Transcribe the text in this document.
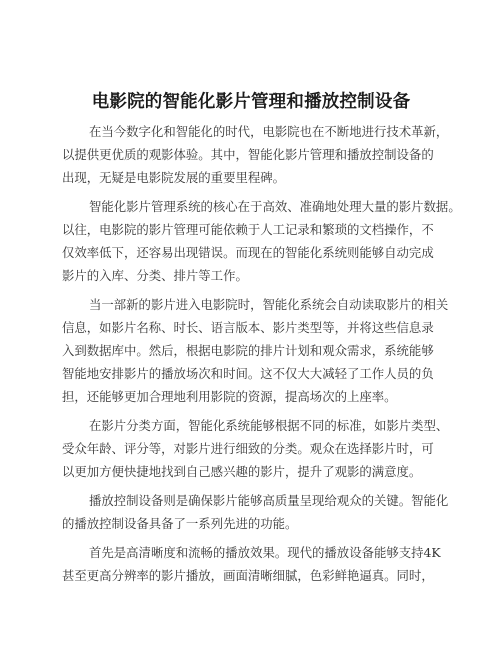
电影院的智能化影片管理和播放控制设备
在当今数字化和智能化的时代，电影院也在不断地进行技术革新，
以提供更优质的观影体验。其中，智能化影片管理和播放控制设备的
出现，无疑是电影院发展的重要里程碑。
智能化影片管理系统的核心在于高效、准确地处理大量的影片数据。
以往，电影院的影片管理可能依赖于人工记录和繁琐的文档操作，不
仅效率低下，还容易出现错误。而现在的智能化系统则能够自动完成
影片的入库、分类、排片等工作。
当一部新的影片进入电影院时，智能化系统会自动读取影片的相关
信息，如影片名称、时长、语言版本、影片类型等，并将这些信息录
入到数据库中。然后，根据电影院的排片计划和观众需求，系统能够
智能地安排影片的播放场次和时间。这不仅大大减轻了工作人员的负
担，还能够更加合理地利用影院的资源，提高场次的上座率。
在影片分类方面，智能化系统能够根据不同的标准，如影片类型、
受众年龄、评分等，对影片进行细致的分类。观众在选择影片时，可
以更加方便快捷地找到自己感兴趣的影片，提升了观影的满意度。
播放控制设备则是确保影片能够高质量呈现给观众的关键。智能化
的播放控制设备具备了一系列先进的功能。
首先是高清晰度和流畅的播放效果。现代的播放设备能够支持4K
甚至更高分辨率的影片播放，画面清晰细腻，色彩鲜艳逼真。同时，
